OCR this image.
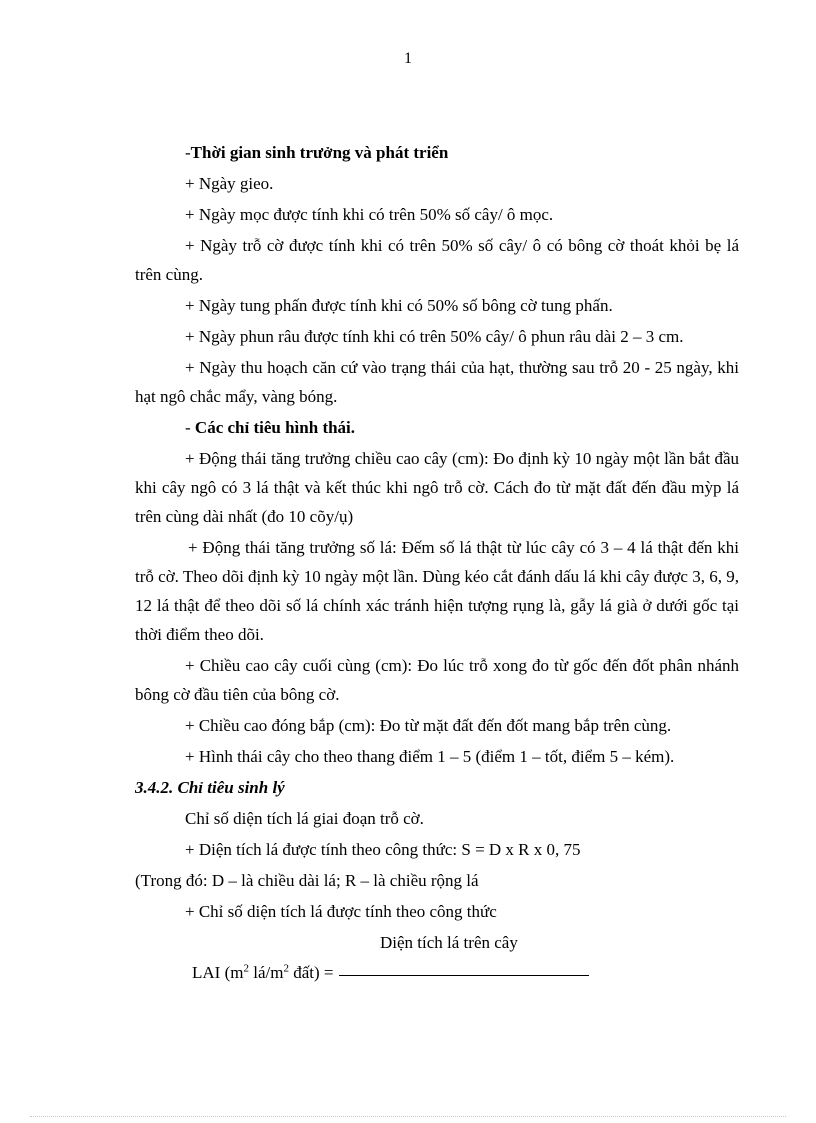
1

-Thời gian sinh trưởng và phát triển

+ Ngày gieo.

+ Ngày mọc được tính khi có trên 50% số cây/ ô mọc.

+ Ngày trỗ cờ được tính khi có trên 50% số cây/ ô có bông cờ thoát khỏi bẹ lá trên cùng.

+ Ngày tung phấn được tính khi có 50% số bông cờ tung phấn.

+ Ngày phun râu được tính khi có trên 50% cây/ ô phun râu dài 2 – 3 cm.

+ Ngày thu hoạch căn cứ vào trạng thái của hạt, thường sau trỗ 20 - 25 ngày, khi hạt ngô chắc mẩy, vàng bóng.

- Các chỉ tiêu hình thái.

+ Động thái tăng trưởng chiều cao cây (cm): Đo định kỳ 10 ngày một lần bắt đầu khi cây ngô có 3 lá thật và kết thúc khi ngô trỗ cờ. Cách đo từ mặt đất đến đầu mỳp lá trên cùng dài nhất (đo 10 cõy/ụ)

+ Động thái tăng trưởng số lá: Đếm số lá thật từ lúc cây có 3 – 4 lá thật đến khi trỗ cờ. Theo dõi định kỳ 10 ngày một lần. Dùng kéo cắt đánh dấu lá khi cây được 3, 6, 9, 12 lá thật để theo dõi số lá chính xác tránh hiện tượng rụng là, gẫy lá già ở dưới gốc tại thời điểm theo dõi.

+ Chiều cao cây cuối cùng (cm): Đo lúc trỗ xong đo từ gốc đến đốt phân nhánh bông cờ đầu tiên của bông cờ.

+ Chiều cao đóng bắp (cm): Đo từ mặt đất đến đốt mang bắp trên cùng.

+ Hình thái cây cho theo thang điểm 1 – 5 (điểm 1 – tốt, điểm 5 – kém).

3.4.2. Chỉ tiêu sinh lý

Chỉ số diện tích lá giai đoạn trỗ cờ.

+ Diện tích lá được tính theo công thức: S = D x R x 0, 75

(Trong đó: D – là chiều dài lá; R – là chiều rộng lá

+ Chỉ số diện tích lá được tính theo công thức

Diện tích lá trên cây
LAI ($m^2$ $lá/m^2$ đất) =
